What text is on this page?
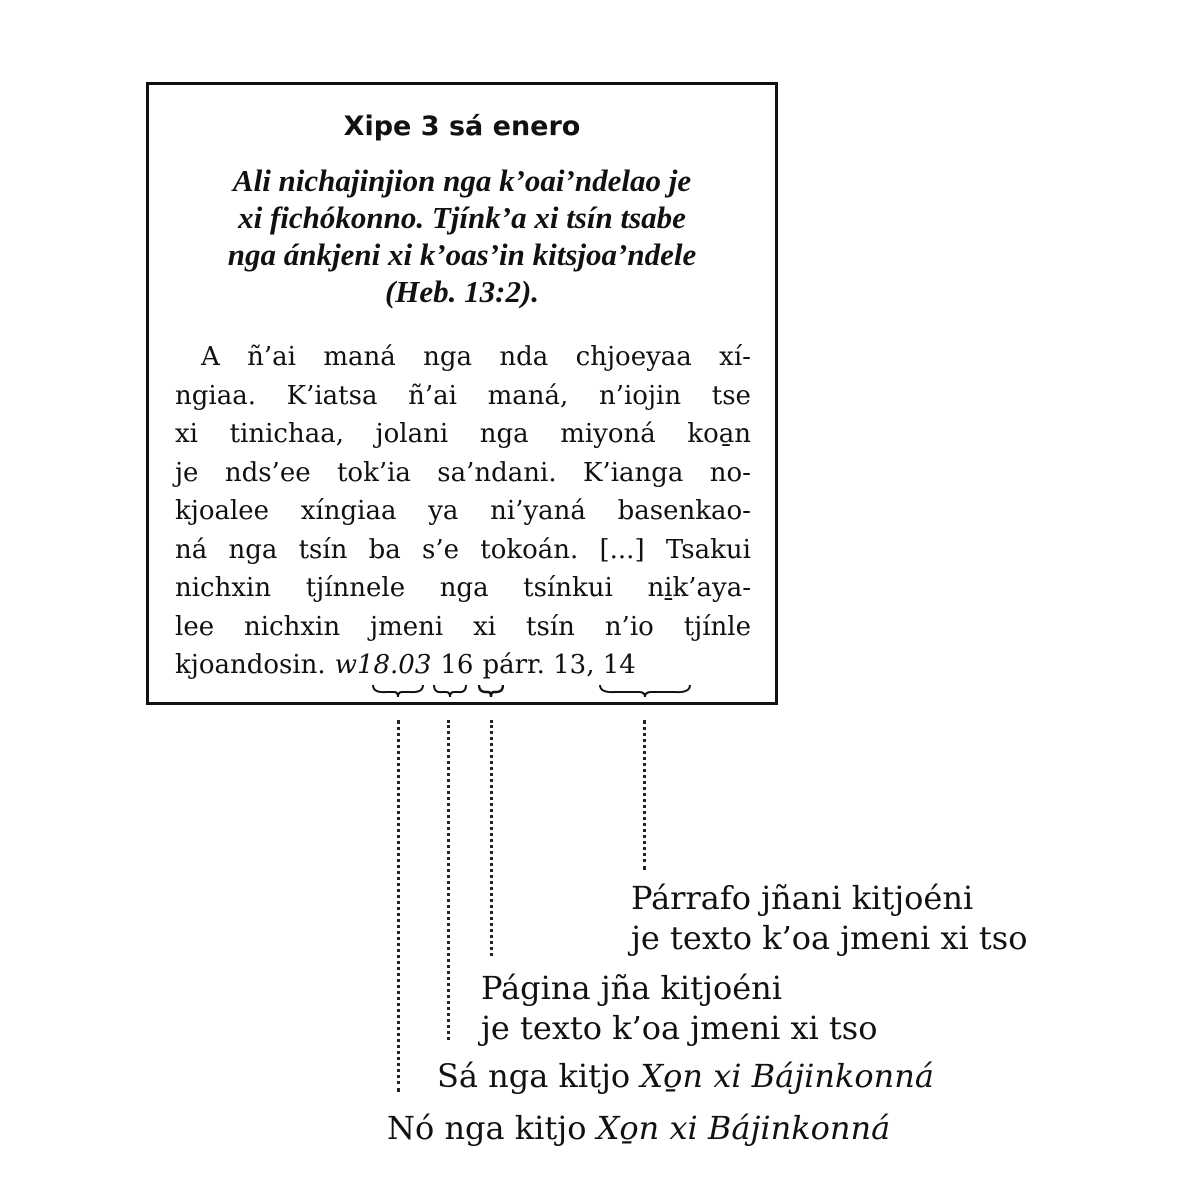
Xipe 3 sá enero
Ali nichajinjion nga k’oai’ndelao je
xi fichókonno. Tjínk’a xi tsín tsabe
nga ánkjeni xi k’oas’in kitsjoa’ndele
(Heb. 13:2).
A ñ’ai maná nga nda chjoeyaa xí-
ngiaa. K’iatsa ñ’ai maná, n’iojin tse
xi tinichaa, jolani nga miyoná koa̱n
je nds’ee tok’ia sa’ndani. K’ianga no-
kjoalee xíngiaa ya ni’yaná basenkao-
ná nga tsín ba s’e tokoán. [...] Tsakui
nichxin tjínnele nga tsínkui ni̱k’aya-
lee nichxin jmeni xi tsín n’io tjínle
kjoandosin. w18.03 16 párr. 13, 14
Párrafo jñani kitjoéni
je texto k’oa jmeni xi tso
Página jña kitjoéni
je texto k’oa jmeni xi tso
Sá nga kitjo Xo̱n xi Bájinkonná
Nó nga kitjo Xo̱n xi Bájinkonná
